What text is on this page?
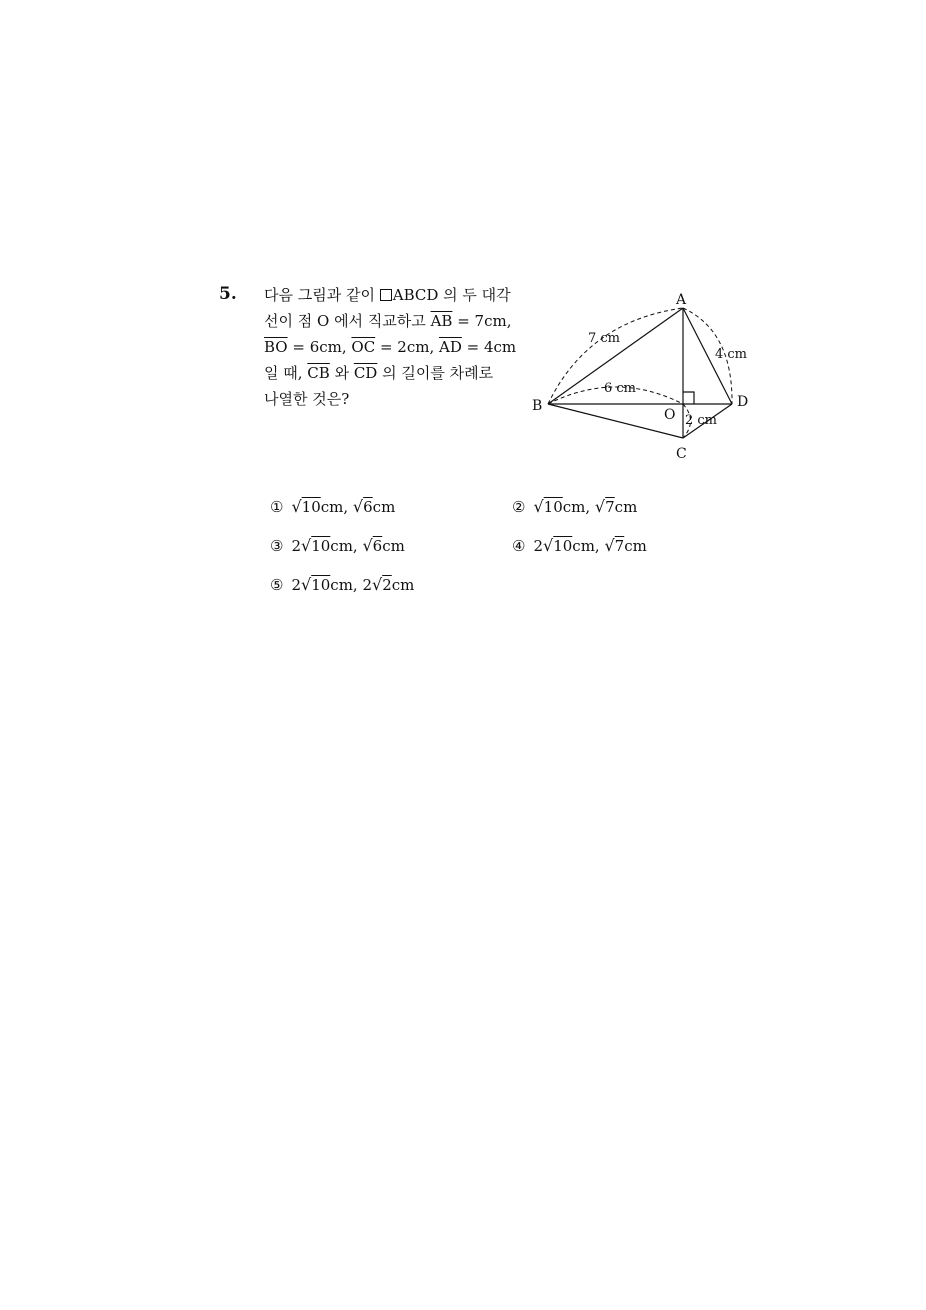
5. 다음 그림과 같이 ABCD 의 두 대각
선이 점 O 에서 직교하고 $\overline{AB} = 7cm$,
$\overline{BO} = 6cm$, $\overline{OC} = 2cm$, $\overline{AD} = 4cm$
일 때, $\overline{CB}$ 와 $\overline{CD}$ 의 길이를 차례로
나열한 것은?
A
B
C
D
O
7 cm
4 cm
6 cm
2 cm
① √10cm, √6cm	② √10cm, √7cm
③ 2√10cm, √6cm	④ 2√10cm, √7cm
⑤ 2√10cm, 2√2cm
